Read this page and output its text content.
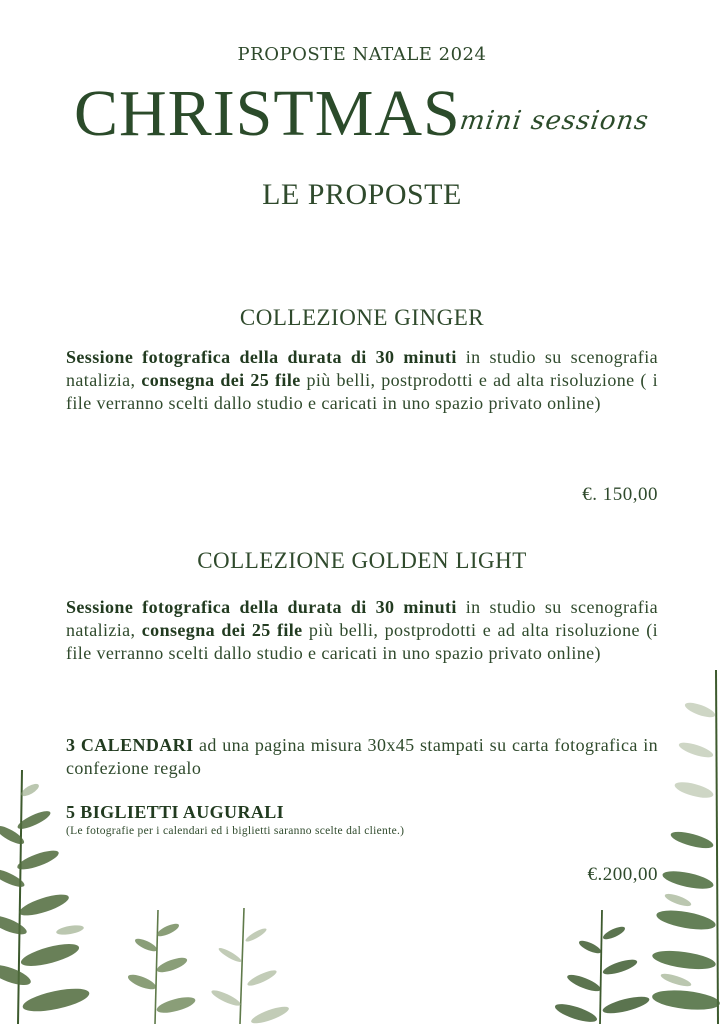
PROPOSTE NATALE 2024
CHRISTMAS
mini sessions
LE PROPOSTE
COLLEZIONE GINGER
Sessione fotografica della durata di 30 minuti in studio su scenografia natalizia, consegna dei 25 file più belli, postprodotti e ad alta risoluzione ( i file verranno scelti dallo studio e caricati in uno spazio privato online)
€. 150,00
COLLEZIONE GOLDEN LIGHT
Sessione fotografica della durata di 30 minuti in studio su scenografia natalizia, consegna dei 25 file più belli, postprodotti e ad alta risoluzione (i file verranno scelti dallo studio e caricati in uno spazio privato online)
3 CALENDARI ad una pagina misura 30x45 stampati su carta fotografica in confezione regalo
5 BIGLIETTI AUGURALI
(Le fotografie per i calendari ed i biglietti saranno scelte dal cliente.)
€.200,00
